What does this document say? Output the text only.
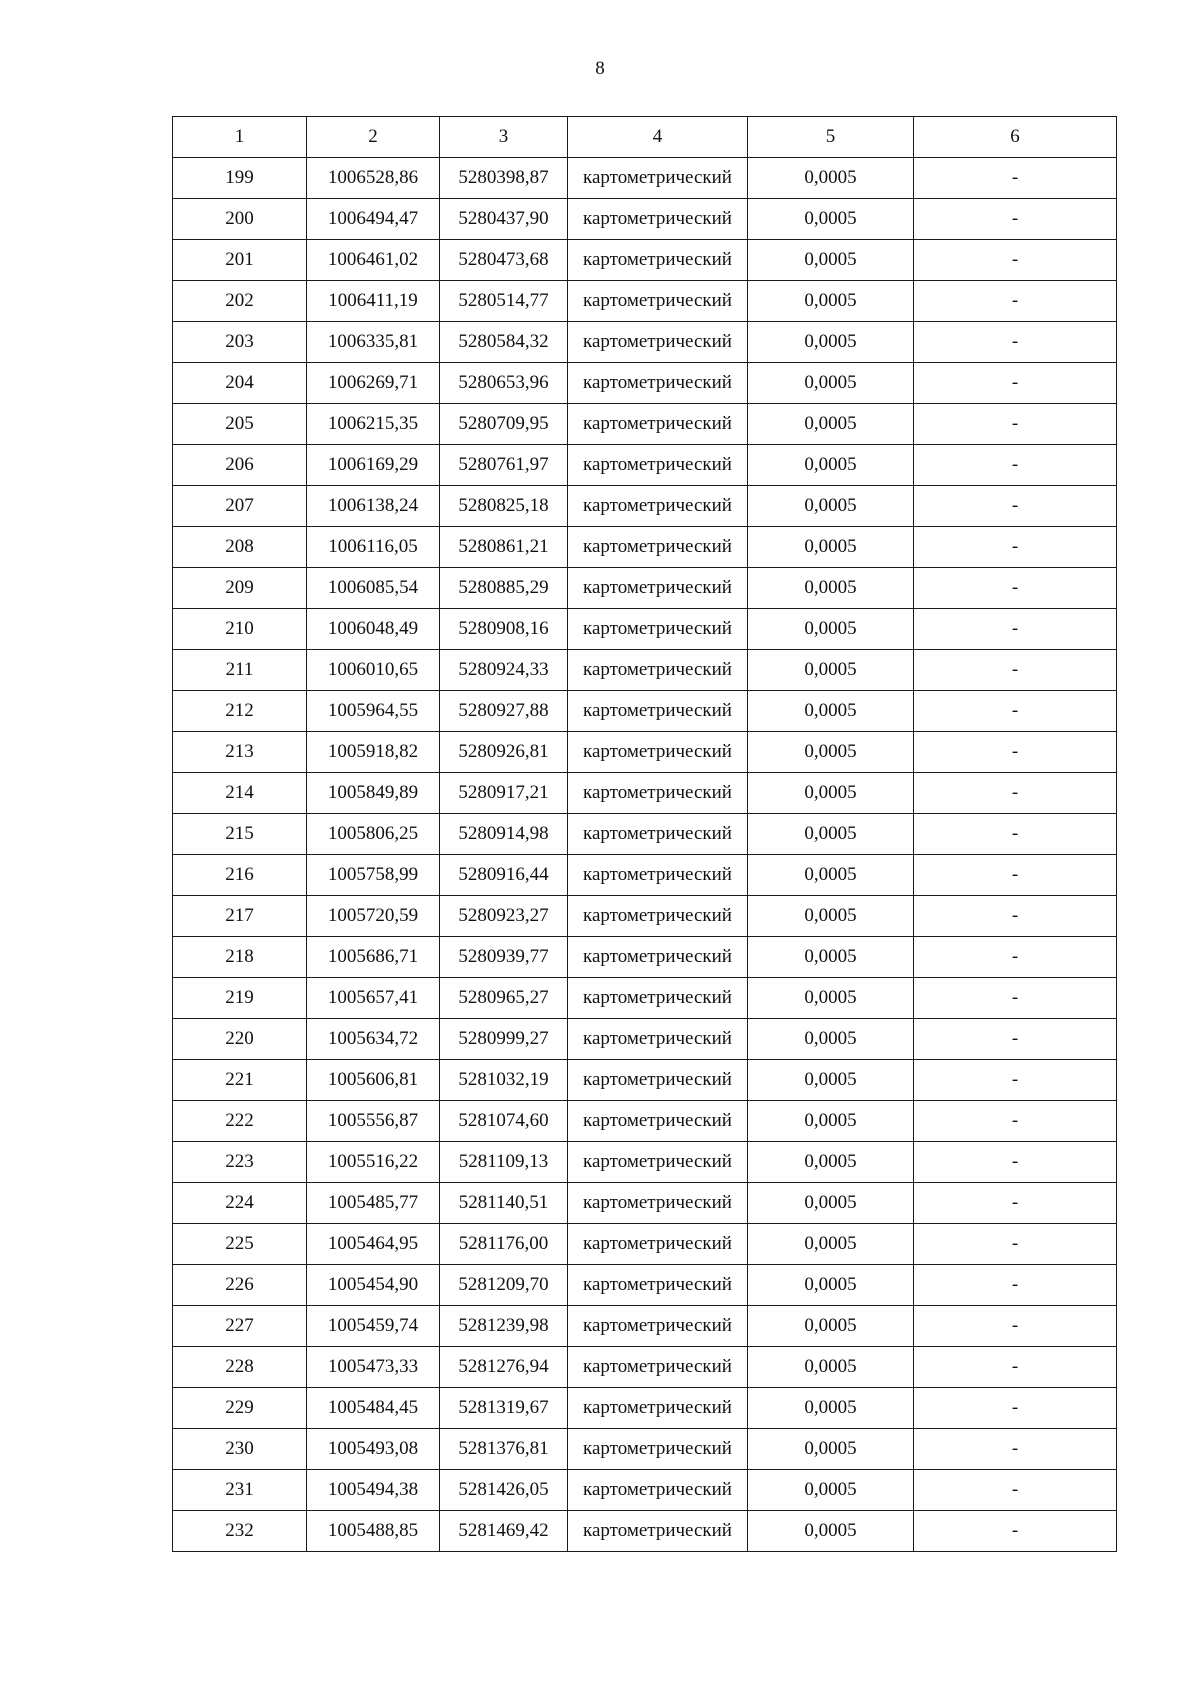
8
1	2	3	4	5	6
199	1006528,86	5280398,87	картометрический	0,0005	-
200	1006494,47	5280437,90	картометрический	0,0005	-
201	1006461,02	5280473,68	картометрический	0,0005	-
202	1006411,19	5280514,77	картометрический	0,0005	-
203	1006335,81	5280584,32	картометрический	0,0005	-
204	1006269,71	5280653,96	картометрический	0,0005	-
205	1006215,35	5280709,95	картометрический	0,0005	-
206	1006169,29	5280761,97	картометрический	0,0005	-
207	1006138,24	5280825,18	картометрический	0,0005	-
208	1006116,05	5280861,21	картометрический	0,0005	-
209	1006085,54	5280885,29	картометрический	0,0005	-
210	1006048,49	5280908,16	картометрический	0,0005	-
211	1006010,65	5280924,33	картометрический	0,0005	-
212	1005964,55	5280927,88	картометрический	0,0005	-
213	1005918,82	5280926,81	картометрический	0,0005	-
214	1005849,89	5280917,21	картометрический	0,0005	-
215	1005806,25	5280914,98	картометрический	0,0005	-
216	1005758,99	5280916,44	картометрический	0,0005	-
217	1005720,59	5280923,27	картометрический	0,0005	-
218	1005686,71	5280939,77	картометрический	0,0005	-
219	1005657,41	5280965,27	картометрический	0,0005	-
220	1005634,72	5280999,27	картометрический	0,0005	-
221	1005606,81	5281032,19	картометрический	0,0005	-
222	1005556,87	5281074,60	картометрический	0,0005	-
223	1005516,22	5281109,13	картометрический	0,0005	-
224	1005485,77	5281140,51	картометрический	0,0005	-
225	1005464,95	5281176,00	картометрический	0,0005	-
226	1005454,90	5281209,70	картометрический	0,0005	-
227	1005459,74	5281239,98	картометрический	0,0005	-
228	1005473,33	5281276,94	картометрический	0,0005	-
229	1005484,45	5281319,67	картометрический	0,0005	-
230	1005493,08	5281376,81	картометрический	0,0005	-
231	1005494,38	5281426,05	картометрический	0,0005	-
232	1005488,85	5281469,42	картометрический	0,0005	-
